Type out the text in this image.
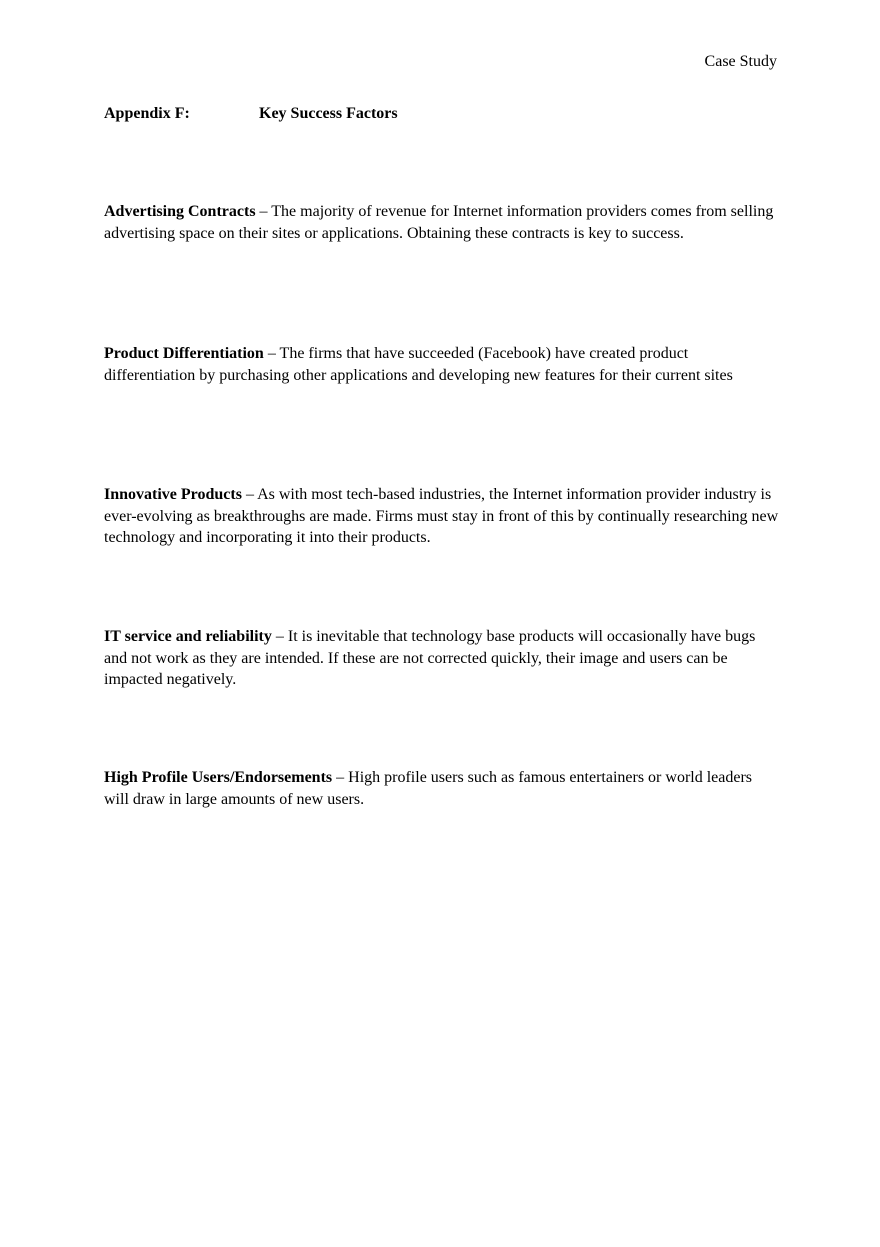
Case Study
Appendix F:	Key Success Factors

Advertising Contracts – The majority of revenue for Internet information providers comes from selling advertising space on their sites or applications. Obtaining these contracts is key to success.

Product Differentiation – The firms that have succeeded (Facebook) have created product differentiation by purchasing other applications and developing new features for their current sites

Innovative Products – As with most tech-based industries, the Internet information provider industry is ever-evolving as breakthroughs are made. Firms must stay in front of this by continually researching new technology and incorporating it into their products.

IT service and reliability – It is inevitable that technology base products will occasionally have bugs and not work as they are intended. If these are not corrected quickly, their image and users can be impacted negatively.

High Profile Users/Endorsements – High profile users such as famous entertainers or world leaders will draw in large amounts of new users.
